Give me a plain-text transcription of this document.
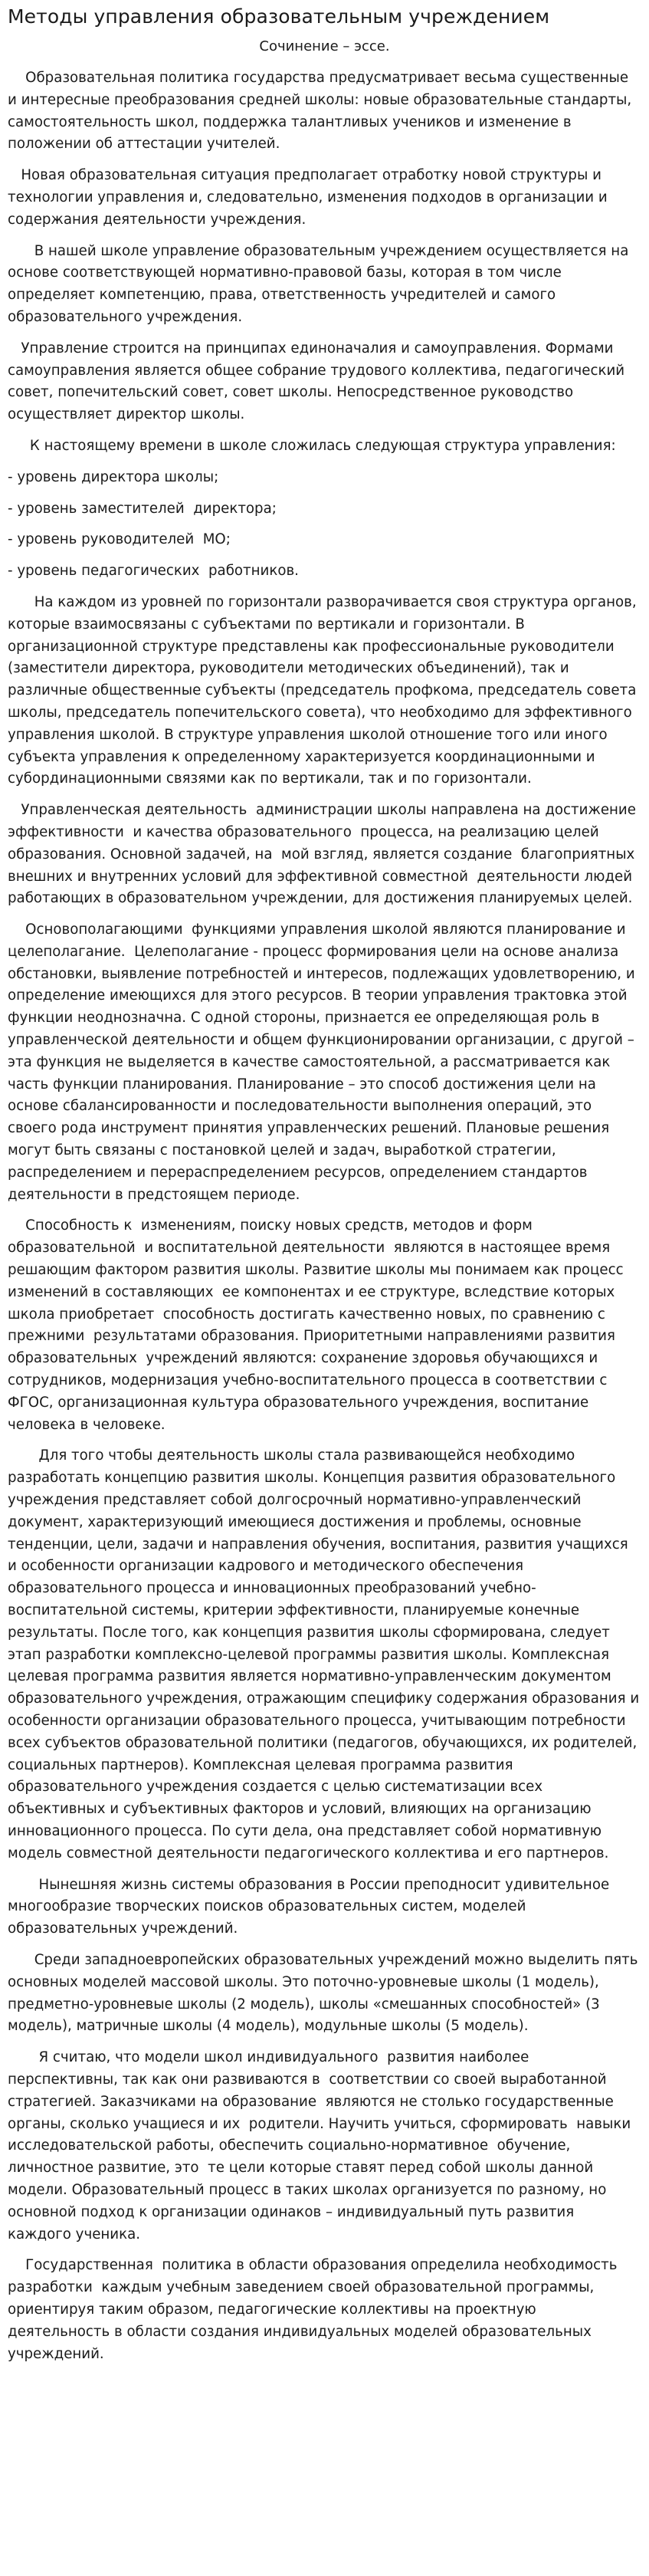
Методы управления образовательным учреждением
Сочинение – эссе.

Образовательная политика государства предусматривает весьма существенные и интересные преобразования средней школы: новые образовательные стандарты, самостоятельность школ, поддержка талантливых учеников и изменение в положении об аттестации учителей.

Новая образовательная ситуация предполагает отработку новой структуры и технологии управления и, следовательно, изменения подходов в организации и содержания деятельности учреждения.

В нашей школе управление образовательным учреждением осуществляется на основе соответствующей нормативно-правовой базы, которая в том числе определяет компетенцию, права, ответственность учредителей и самого образовательного учреждения.

Управление строится на принципах единоначалия и самоуправления. Формами самоуправления является общее собрание трудового коллектива, педагогический совет, попечительский совет, совет школы. Непосредственное руководство осуществляет директор школы.

К настоящему времени в школе сложилась следующая структура управления:

- уровень директора школы;

- уровень заместителей  директора;

- уровень руководителей  МО;

- уровень педагогических  работников.

На каждом из уровней по горизонтали разворачивается своя структура органов,  которые взаимосвязаны с субъектами по вертикали и горизонтали. В организационной структуре представлены как профессиональные руководители (заместители директора, руководители методических объединений), так и различные общественные субъекты (председатель профкома, председатель совета школы, председатель попечительского совета), что необходимо для эффективного управления школой. В структуре управления школой отношение того или иного субъекта управления к определенному характеризуется координационными и субординационными связями как по вертикали, так и по горизонтали.

Управленческая деятельность  администрации школы направлена на достижение эффективности  и качества образовательного  процесса, на реализацию целей  образования. Основной задачей, на  мой взгляд, является создание  благоприятных внешних и внутренних условий для эффективной совместной  деятельности людей работающих в образовательном учреждении, для достижения планируемых целей.

Основополагающими  функциями управления школой являются планирование и целеполагание.  Целеполагание - процесс формирования цели на основе анализа обстановки, выявление потребностей и интересов, подлежащих удовлетворению, и определение имеющихся для этого ресурсов. В теории управления трактовка этой функции неоднозначна. С одной стороны, признается ее определяющая роль в управленческой деятельности и общем функционировании организации, с другой – эта функция не выделяется в качестве самостоятельной, а рассматривается как часть функции планирования. Планирование – это способ достижения цели на основе сбалансированности и последовательности выполнения операций, это своего рода инструмент принятия управленческих решений. Плановые решения могут быть связаны с постановкой целей и задач, выработкой стратегии, распределением и перераспределением ресурсов, определением стандартов деятельности в предстоящем периоде.

Способность к  изменениям, поиску новых средств, методов и форм образовательной  и воспитательной деятельности  являются в настоящее время решающим фактором развития школы. Развитие школы мы понимаем как процесс изменений в составляющих  ее компонентах и ее структуре, вследствие которых школа приобретает  способность достигать качественно новых, по сравнению с прежними  результатами образования. Приоритетными направлениями развития образовательных  учреждений являются: сохранение здоровья обучающихся и сотрудников, модернизация учебно-воспитательного процесса в соответствии с ФГОС, организационная культура образовательного учреждения, воспитание человека в человеке.

Для того чтобы деятельность школы стала развивающейся необходимо разработать концепцию развития школы. Концепция развития образовательного учреждения представляет собой долгосрочный нормативно-управленческий документ, характеризующий имеющиеся достижения и проблемы, основные тенденции, цели, задачи и направления обучения, воспитания, развития учащихся и особенности организации кадрового и методического обеспечения образовательного процесса и инновационных преобразований учебно-воспитательной системы, критерии эффективности, планируемые конечные результаты. После того, как концепция развития школы сформирована, следует этап разработки комплексно-целевой программы развития школы. Комплексная целевая программа развития является нормативно-управленческим документом образовательного учреждения, отражающим специфику содержания образования и особенности организации образовательного процесса, учитывающим потребности всех субъектов образовательной политики (педагогов, обучающихся, их родителей, социальных партнеров). Комплексная целевая программа развития образовательного учреждения создается с целью систематизации всех объективных и субъективных факторов и условий, влияющих на организацию инновационного процесса. По сути дела, она представляет собой нормативную модель совместной деятельности педагогического коллектива и его партнеров.

Нынешняя жизнь системы образования в России преподносит удивительное многообразие творческих поисков образовательных систем, моделей образовательных учреждений.

Среди западноевропейских образовательных учреждений можно выделить пять основных моделей массовой школы. Это поточно-уровневые школы (1 модель), предметно-уровневые школы (2 модель), школы «смешанных способностей» (3 модель), матричные школы (4 модель), модульные школы (5 модель).

Я считаю, что модели школ индивидуального  развития наиболее перспективны, так как они развиваются в  соответствии со своей выработанной стратегией. Заказчиками на образование  являются не столько государственные  органы, сколько учащиеся и их  родители. Научить учиться, сформировать  навыки исследовательской работы, обеспечить социально-нормативное  обучение, личностное развитие, это  те цели которые ставят перед собой школы данной модели. Образовательный процесс в таких школах организуется по разному, но основной подход к организации одинаков – индивидуальный путь развития каждого ученика.

Государственная  политика в области образования определила необходимость разработки  каждым учебным заведением своей образовательной программы, ориентируя таким образом, педагогические коллективы на проектную деятельность в области создания индивидуальных моделей образовательных учреждений.
